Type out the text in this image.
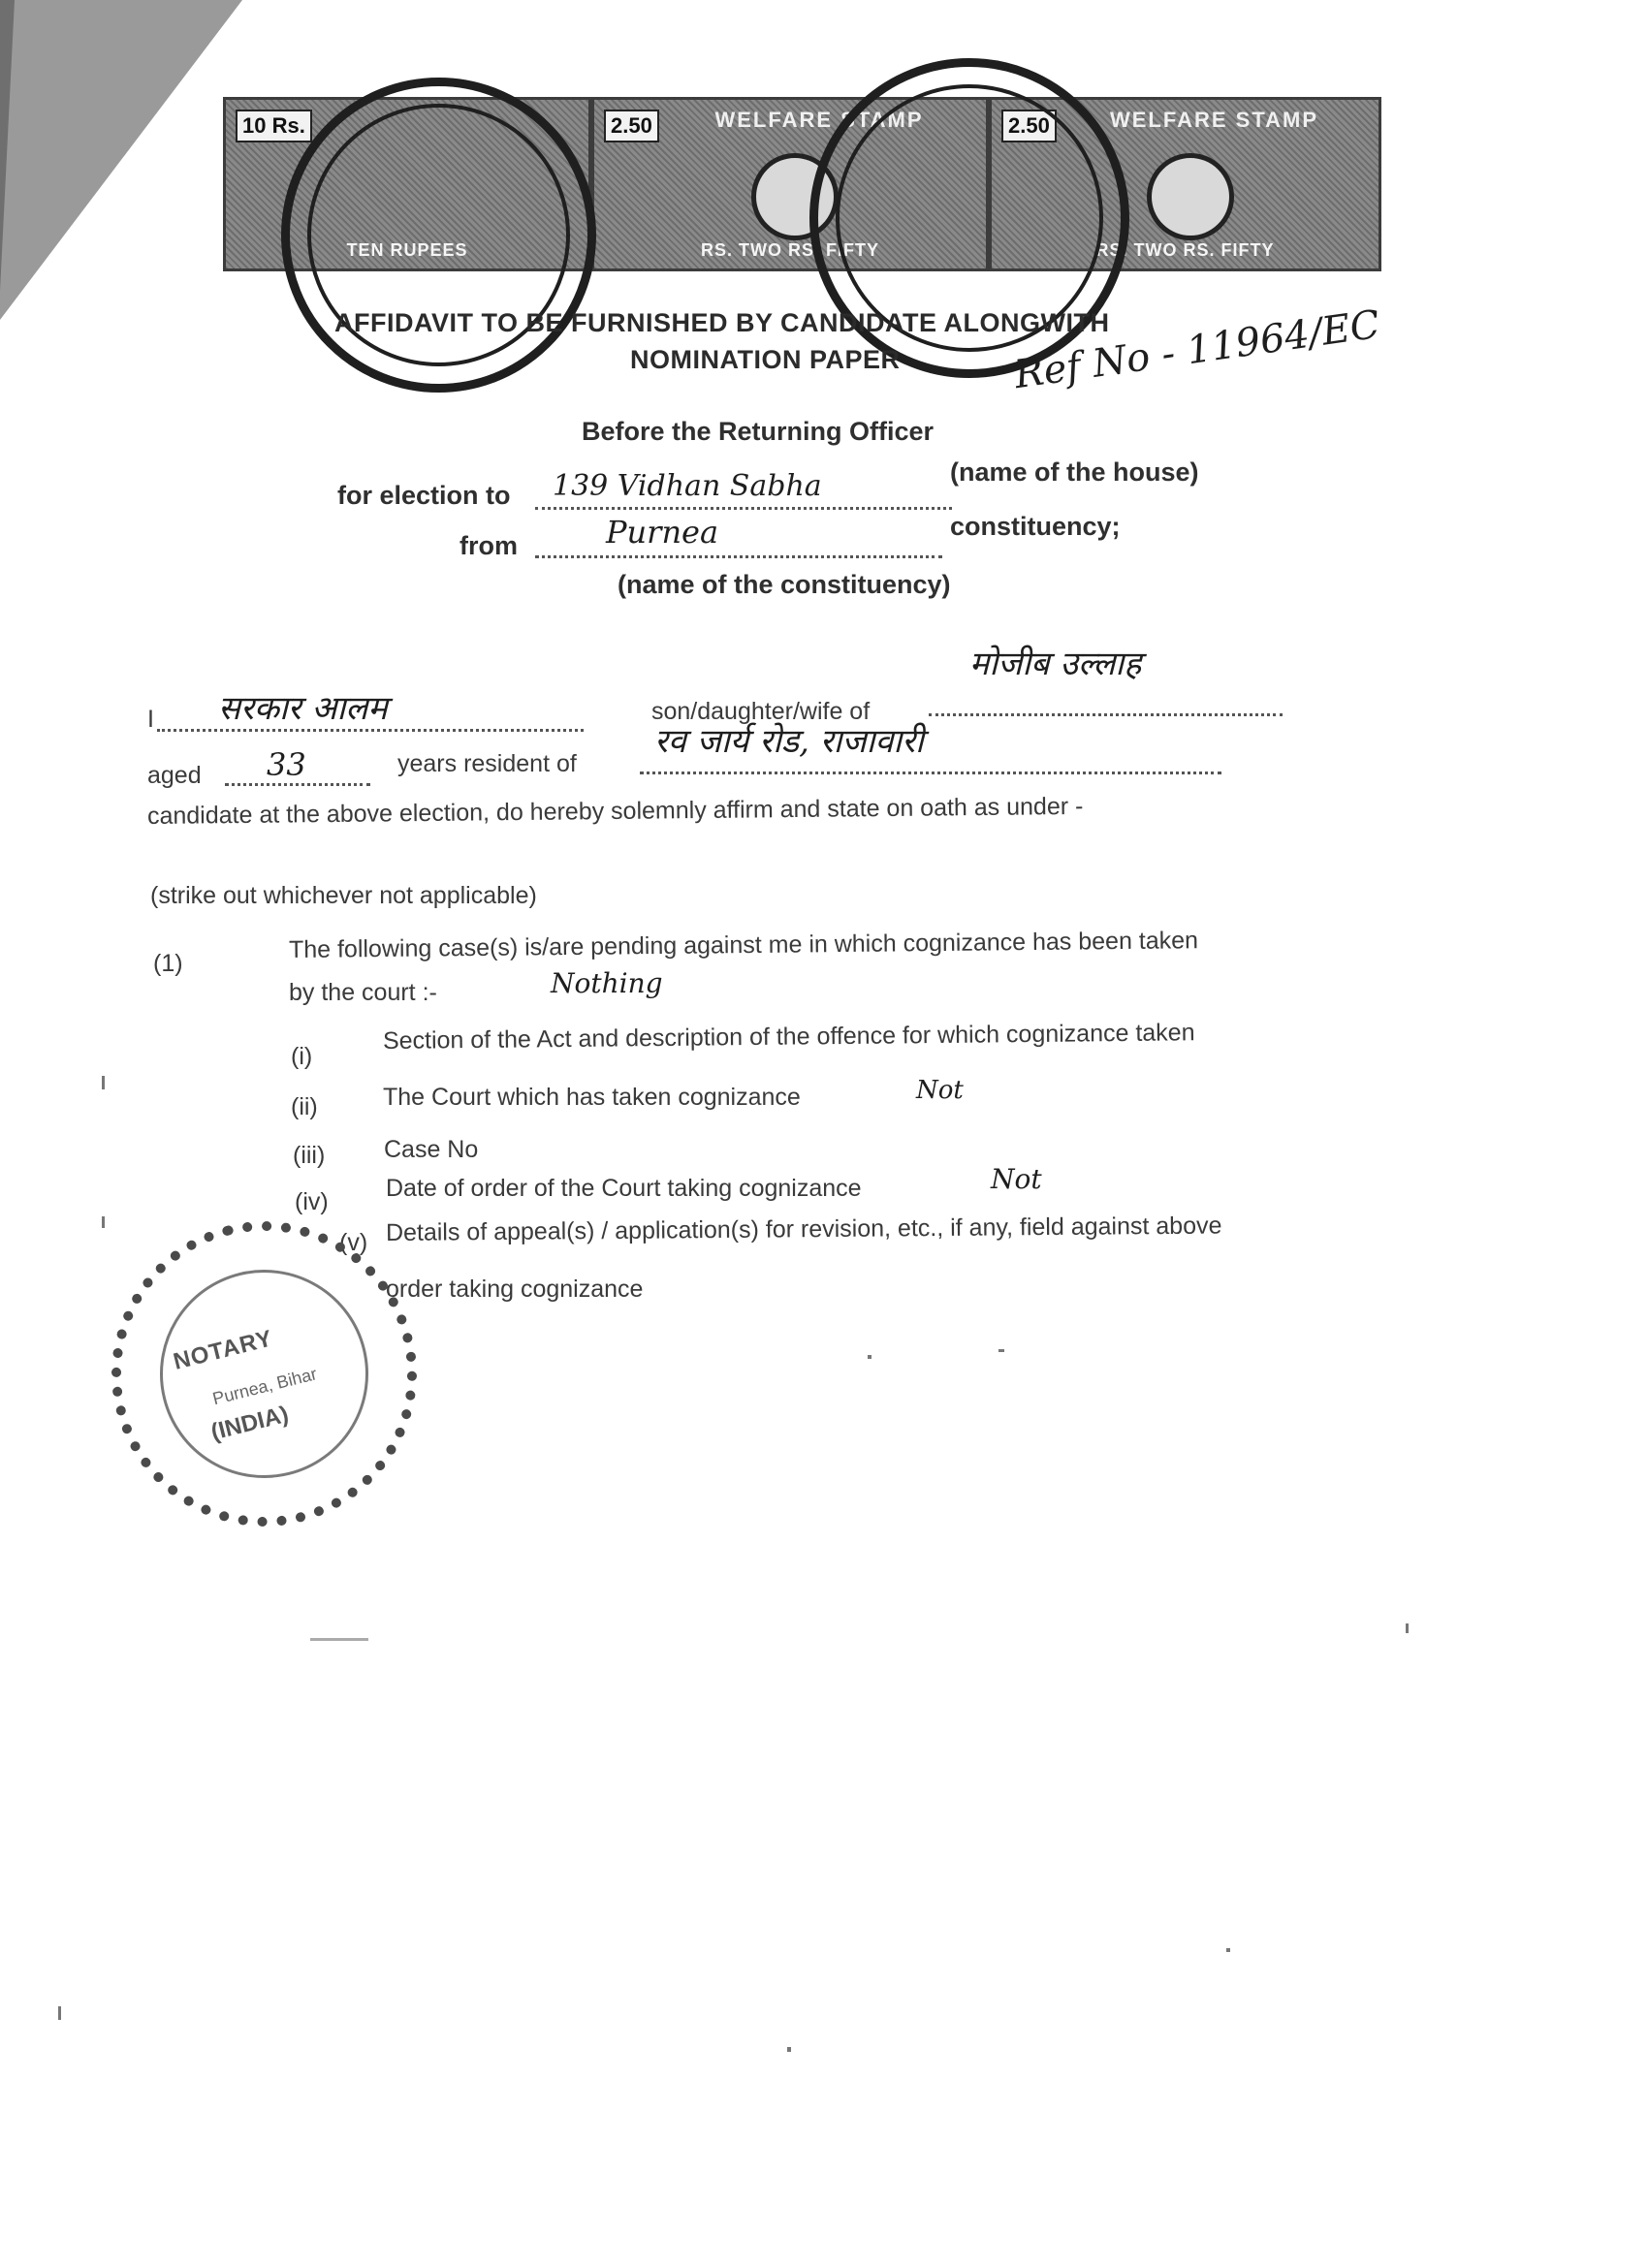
10 Rs.
TEN RUPEES
2.50	WELFARE STAMP
RS. TWO RS. FIFTY
2.50	WELFARE STAMP
RS. TWO RS. FIFTY
AFFIDAVIT TO BE FURNISHED BY CANDIDATE ALONGWITH
NOMINATION PAPER	Ref No - 11964/EC
Before the Returning Officer
for election to 139 Vidhan Sabha	(name of the house)
from	Purnea	constituency;
(name of the constituency)
I सरकार आलम	son/daughter/wife of
मोजीब उल्लाह
aged 33	years resident of
रव जार्य रोड, राजावारी
candidate at the above election, do hereby solemnly affirm and state on oath as under -
(strike out whichever not applicable)
(1)
The following case(s) is/are pending against me in which cognizance has been taken
by the court :-	Nothing
(i)
Section of the Act and description of the offence for which cognizance taken
(ii)	The Court which has taken cognizance	Not
(iii) Case No
(iv) Date of order of the Court taking cognizance	Not
(v) Details of appeal(s) / application(s) for revision, etc., if any, field against above
order taking cognizance
NOTARY
Purnea, Bihar
(INDIA)
